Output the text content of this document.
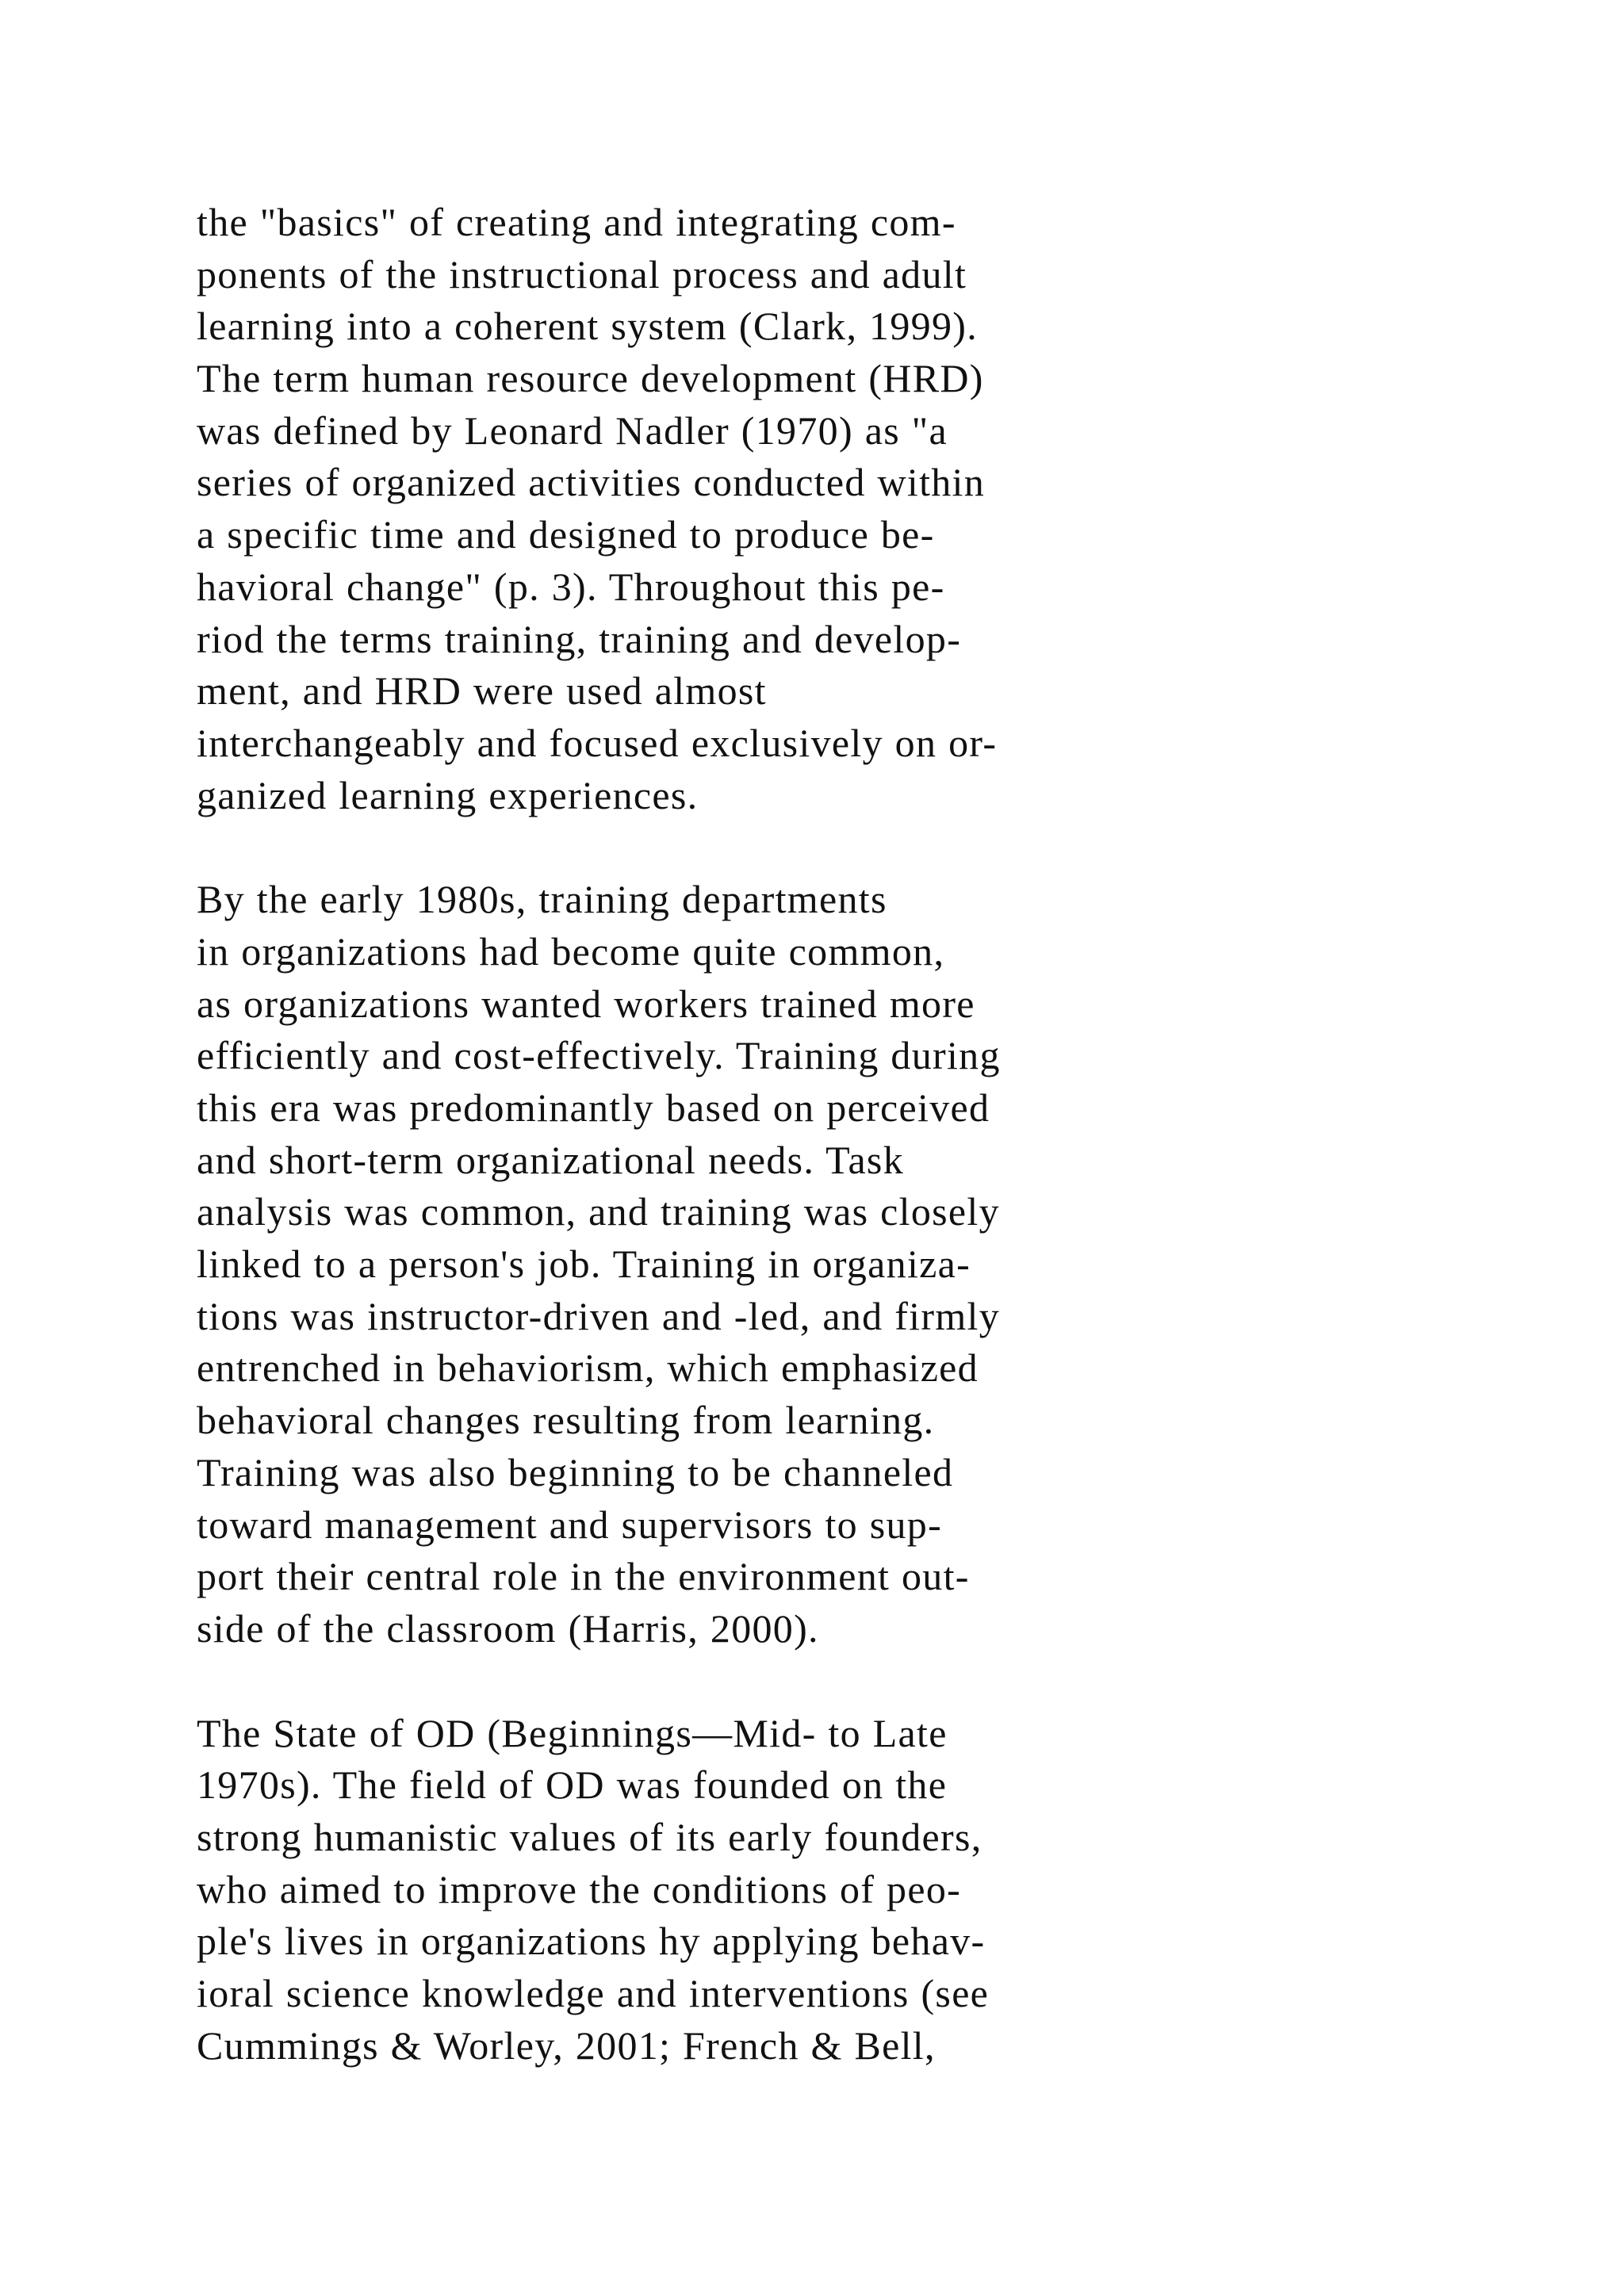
the "basics" of creating and integrating com-
ponents of the instructional process and adult
learning into a coherent system (Clark, 1999).
The term human resource development (HRD)
was defined by Leonard Nadler (1970) as "a
series of organized activities conducted within
a specific time and designed to produce be-
havioral change" (p. 3). Throughout this pe-
riod the terms training, training and develop-
ment, and HRD were used almost
interchangeably and focused exclusively on or-
ganized learning experiences.
By the early 1980s, training departments
in organizations had become quite common,
as organizations wanted workers trained more
efficiently and cost-effectively. Training during
this era was predominantly based on perceived
and short-term organizational needs. Task
analysis was common, and training was closely
linked to a person's job. Training in organiza-
tions was instructor-driven and -led, and firmly
entrenched in behaviorism, which emphasized
behavioral changes resulting from learning.
Training was also beginning to be channeled
toward management and supervisors to sup-
port their central role in the environment out-
side of the classroom (Harris, 2000).
The State of OD (Beginnings—Mid- to Late
1970s). The field of OD was founded on the
strong humanistic values of its early founders,
who aimed to improve the conditions of peo-
ple's lives in organizations hy applying behav-
ioral science knowledge and interventions (see
Cummings & Worley, 2001; French & Bell,
